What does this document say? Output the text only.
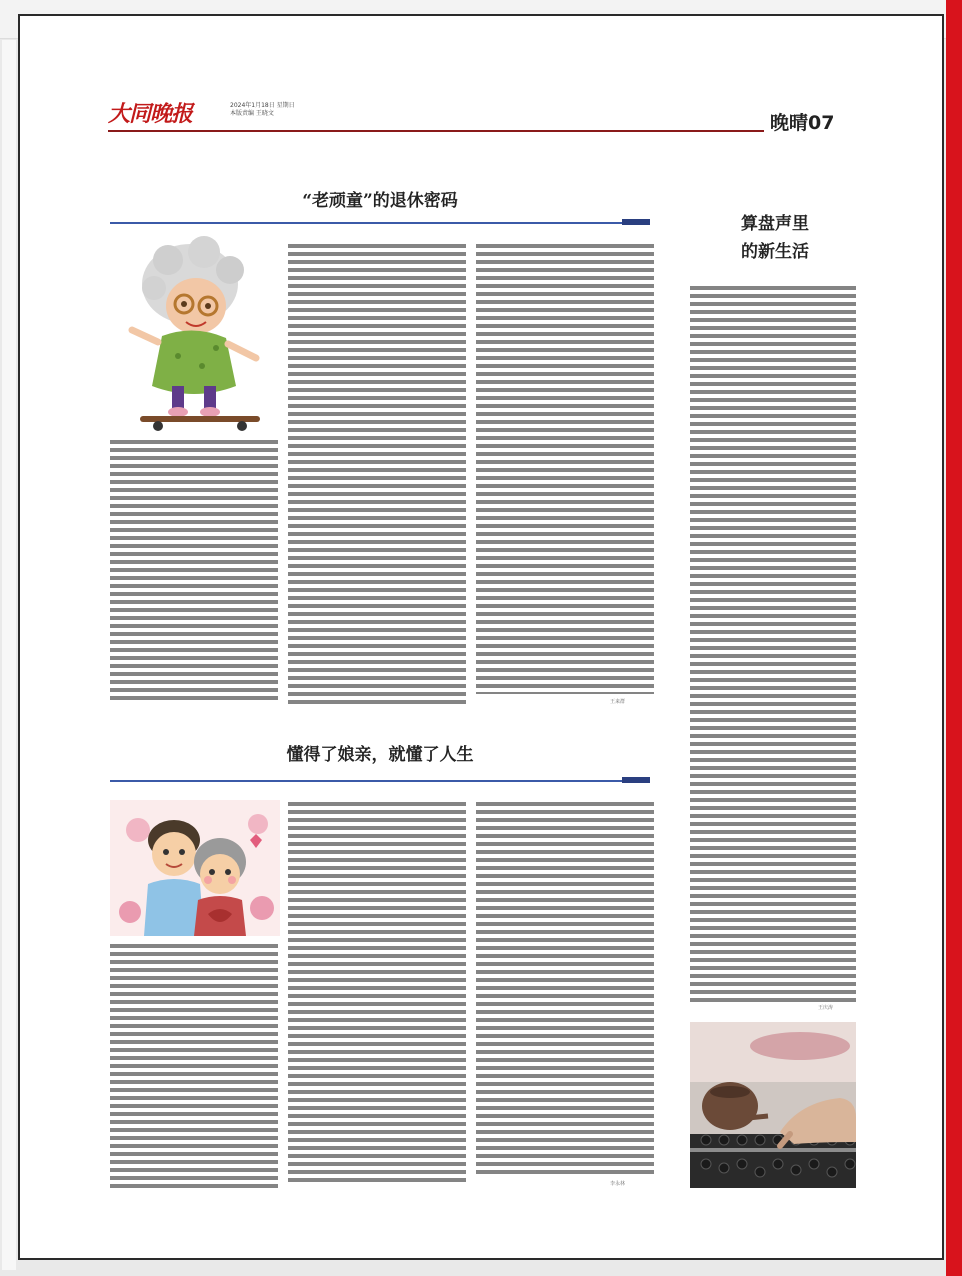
大同晚报	2024年1月18日 星期日
本版责编 王晓文	晚晴07
“老顽童”的退休密码
王来群
懂得了娘亲，就懂了人生
李永林
算盘声里
的新生活
王庆涛
